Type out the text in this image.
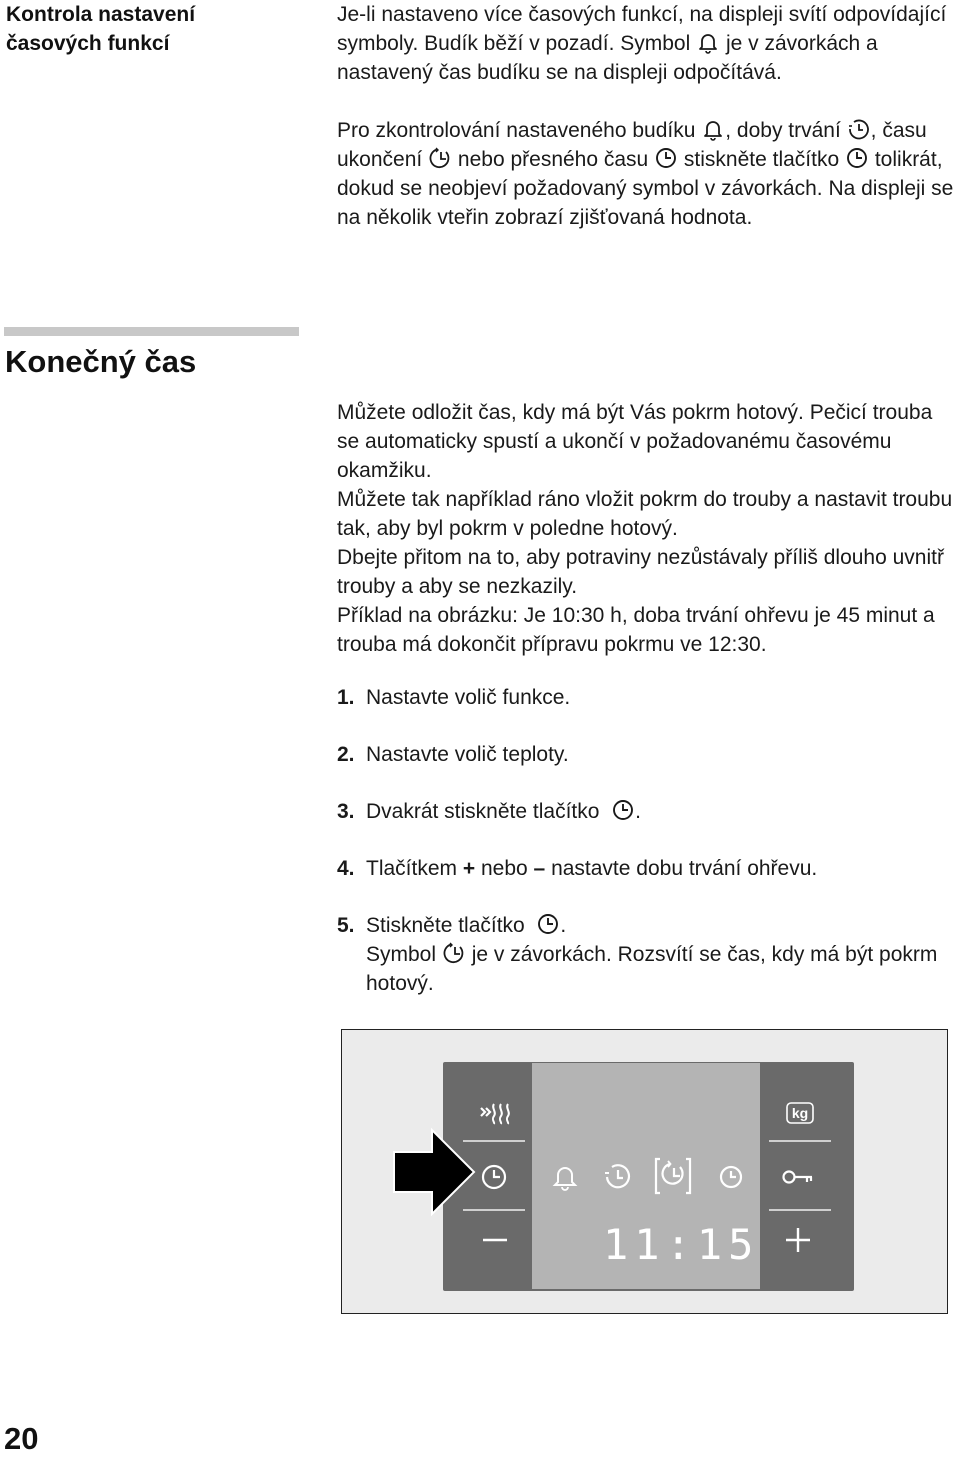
Kontrola nastavení časových funkcí

Je-li nastaveno více časových funkcí, na displeji svítí odpovídající symboly. Budík běží v pozadí. Symbol je v závorkách a nastavený čas budíku se na displeji odpočítává.

Pro zkontrolování nastaveného budíku , doby trvání , času ukončení nebo přesného času stiskněte tlačítko tolikrát, dokud se neobjeví požadovaný symbol v závorkách. Na displeji se na několik vteřin zobrazí zjišťovaná hodnota.

Konečný čas

Můžete odložit čas, kdy má být Vás pokrm hotový. Pečicí trouba se automaticky spustí a ukončí v požadovanému časovému okamžiku.

Můžete tak například ráno vložit pokrm do trouby a nastavit troubu tak, aby byl pokrm v poledne hotový.

Dbejte přitom na to, aby potraviny nezůstávaly příliš dlouho uvnitř trouby a aby se nezkazily.

Příklad na obrázku: Je 10:30 h, doba trvání ohřevu je 45 minut a trouba má dokončit přípravu pokrmu ve 12:30.

1. Nastavte volič funkce.
2. Nastavte volič teploty.
3. Dvakrát stiskněte tlačítko .
4. Tlačítkem + nebo – nastavte dobu trvání ohřevu.
5. Stiskněte tlačítko .
Symbol je v závorkách. Rozsvítí se čas, kdy má být pokrm hotový.
kg
11:15
20
